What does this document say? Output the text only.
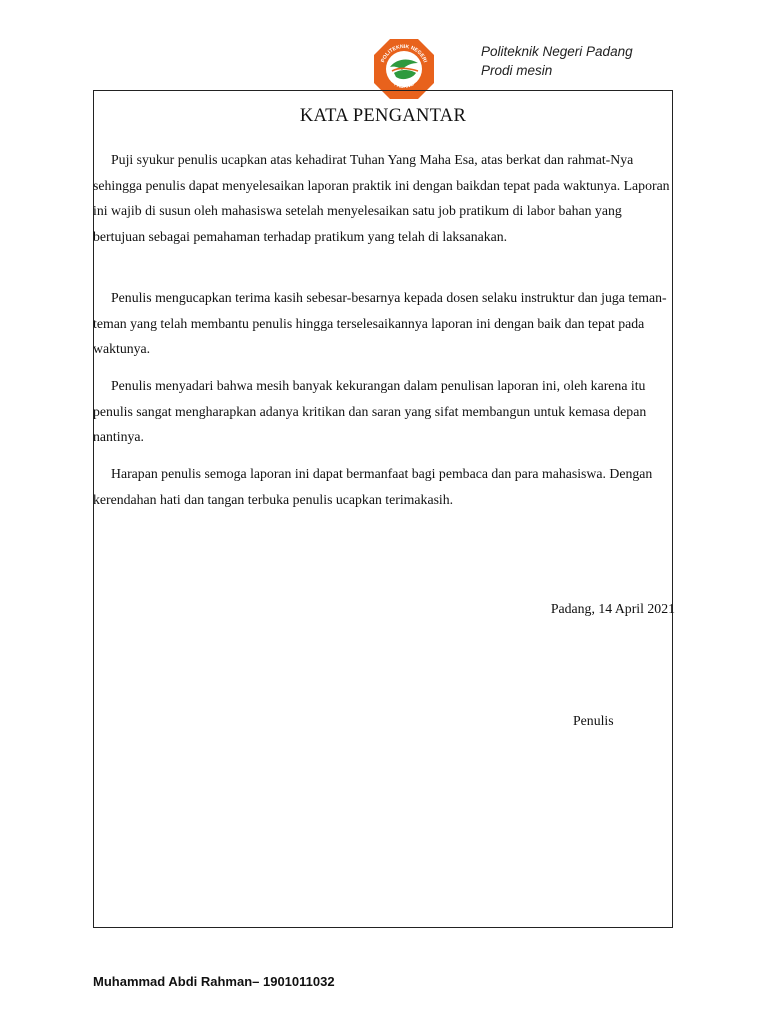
POLITEKNIK NEGERI
PADANG
Politeknik Negeri Padang
Prodi mesin
KATA PENGANTAR
Puji syukur penulis ucapkan atas kehadirat Tuhan Yang Maha Esa, atas berkat dan rahmat-Nya sehingga penulis dapat menyelesaikan laporan praktik ini dengan baikdan tepat pada waktunya. Laporan ini wajib di susun oleh mahasiswa setelah menyelesaikan satu job pratikum di labor bahan yang bertujuan sebagai pemahaman terhadap pratikum yang telah di laksanakan.
Penulis mengucapkan terima kasih sebesar-besarnya kepada dosen selaku instruktur dan juga teman-teman yang telah membantu penulis hingga terselesaikannya laporan ini dengan baik dan tepat pada waktunya.
Penulis menyadari bahwa mesih banyak kekurangan dalam penulisan laporan ini, oleh karena itu penulis sangat mengharapkan adanya kritikan dan saran yang sifat membangun untuk kemasa depan nantinya.
Harapan penulis semoga laporan ini dapat bermanfaat bagi pembaca dan para mahasiswa. Dengan kerendahan hati dan tangan terbuka penulis ucapkan terimakasih.
Padang, 14 April 2021
Penulis
Muhammad Abdi Rahman– 1901011032
